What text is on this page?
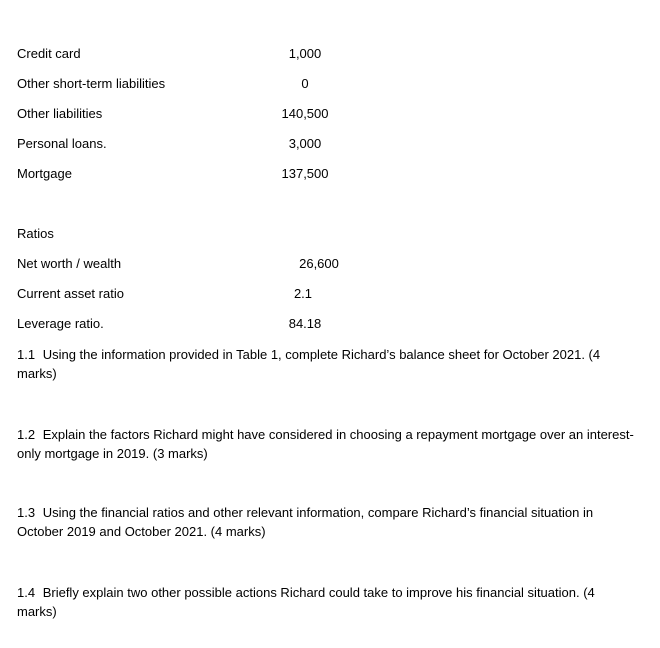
Credit card	1,000
Other short-term liabilities	0
Other liabilities	140,500
Personal loans.	3,000
Mortgage	137,500
Ratios
Net worth / wealth	26,600
Current asset ratio	2.1
Leverage ratio.	84.18
1.1 Using the information provided in Table 1, complete Richard’s balance sheet for October 2021. (4 marks)
1.2 Explain the factors Richard might have considered in choosing a repayment mortgage over an interest-only mortgage in 2019. (3 marks)
1.3 Using the financial ratios and other relevant information, compare Richard’s financial situation in October 2019 and October 2021. (4 marks)
1.4 Briefly explain two other possible actions Richard could take to improve his financial situation. (4 marks)
